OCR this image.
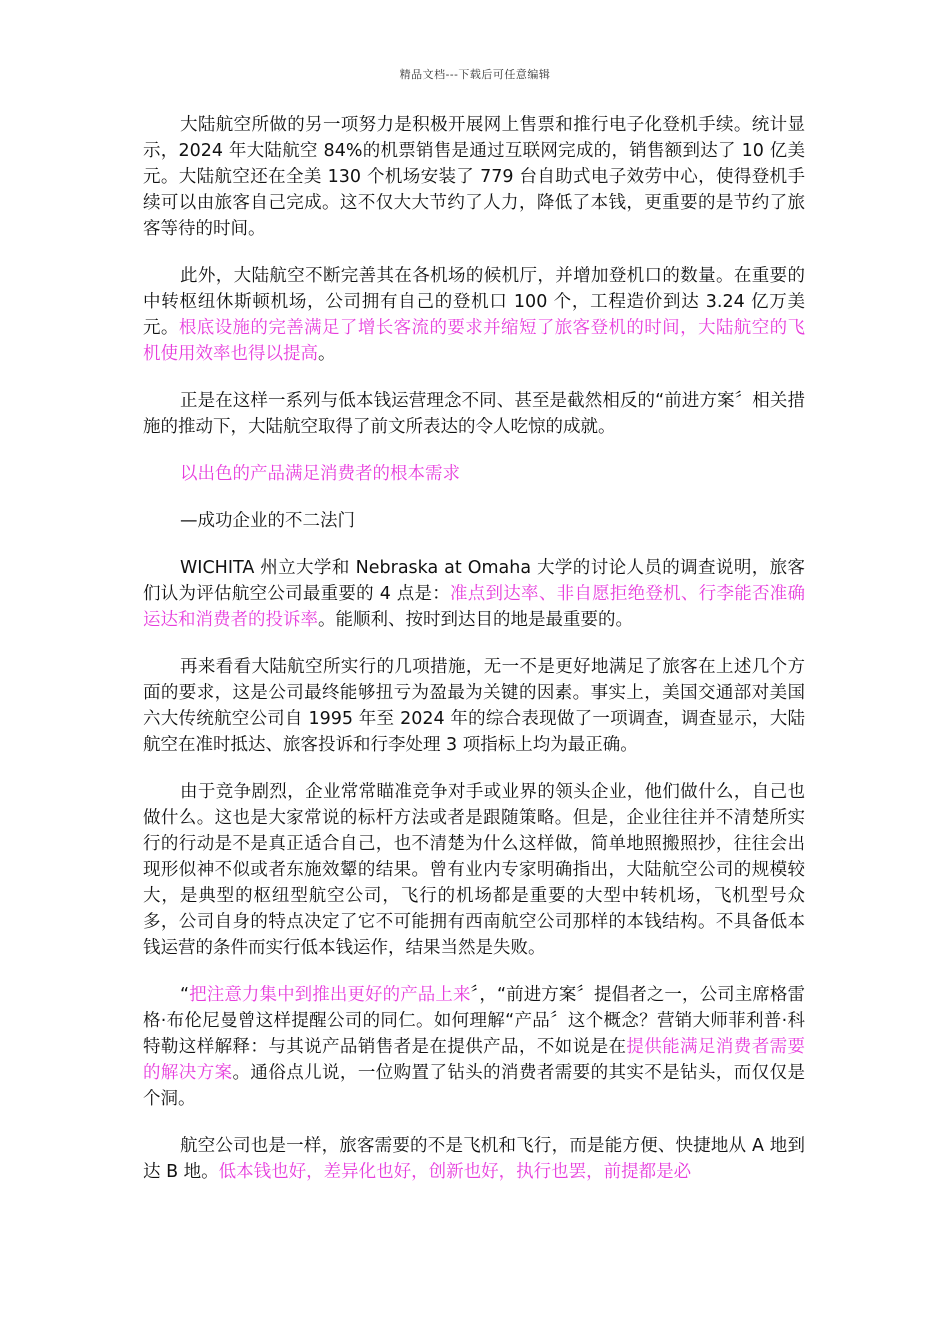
精品文档---下载后可任意编辑

大陆航空所做的另一项努力是积极开展网上售票和推行电子化登机手续。统计显示，2024 年大陆航空 84%的机票销售是通过互联网完成的，销售额到达了 10 亿美元。大陆航空还在全美 130 个机场安装了 779 台自助式电子效劳中心，使得登机手续可以由旅客自己完成。这不仅大大节约了人力，降低了本钱，更重要的是节约了旅客等待的时间。

此外，大陆航空不断完善其在各机场的候机厅，并增加登机口的数量。在重要的中转枢纽休斯顿机场，公司拥有自己的登机口 100 个，工程造价到达 3.24 亿万美元。根底设施的完善满足了增长客流的要求并缩短了旅客登机的时间，大陆航空的飞机使用效率也得以提高。

正是在这样一系列与低本钱运营理念不同、甚至是截然相反的“前进方案〞相关措施的推动下，大陆航空取得了前文所表达的令人吃惊的成就。

以出色的产品满足消费者的根本需求

—成功企业的不二法门

WICHITA 州立大学和 Nebraska at Omaha 大学的讨论人员的调查说明，旅客们认为评估航空公司最重要的 4 点是：准点到达率、非自愿拒绝登机、行李能否准确运达和消费者的投诉率。能顺利、按时到达目的地是最重要的。

再来看看大陆航空所实行的几项措施，无一不是更好地满足了旅客在上述几个方面的要求，这是公司最终能够扭亏为盈最为关键的因素。事实上，美国交通部对美国六大传统航空公司自 1995 年至 2024 年的综合表现做了一项调查，调查显示，大陆航空在准时抵达、旅客投诉和行李处理 3 项指标上均为最正确。

由于竞争剧烈，企业常常瞄准竞争对手或业界的领头企业，他们做什么，自己也做什么。这也是大家常说的标杆方法或者是跟随策略。但是，企业往往并不清楚所实行的行动是不是真正适合自己，也不清楚为什么这样做，简单地照搬照抄，往往会出现形似神不似或者东施效颦的结果。曾有业内专家明确指出，大陆航空公司的规模较大，是典型的枢纽型航空公司，飞行的机场都是重要的大型中转机场，飞机型号众多，公司自身的特点决定了它不可能拥有西南航空公司那样的本钱结构。不具备低本钱运营的条件而实行低本钱运作，结果当然是失败。

“把注意力集中到推出更好的产品上来〞，“前进方案〞提倡者之一，公司主席格雷格·布伦尼曼曾这样提醒公司的同仁。如何理解“产品〞这个概念？营销大师菲利普·科特勒这样解释：与其说产品销售者是在提供产品，不如说是在提供能满足消费者需要的解决方案。通俗点儿说，一位购置了钻头的消费者需要的其实不是钻头，而仅仅是个洞。

航空公司也是一样，旅客需要的不是飞机和飞行，而是能方便、快捷地从 A 地到达 B 地。低本钱也好，差异化也好，创新也好，执行也罢，前提都是必
